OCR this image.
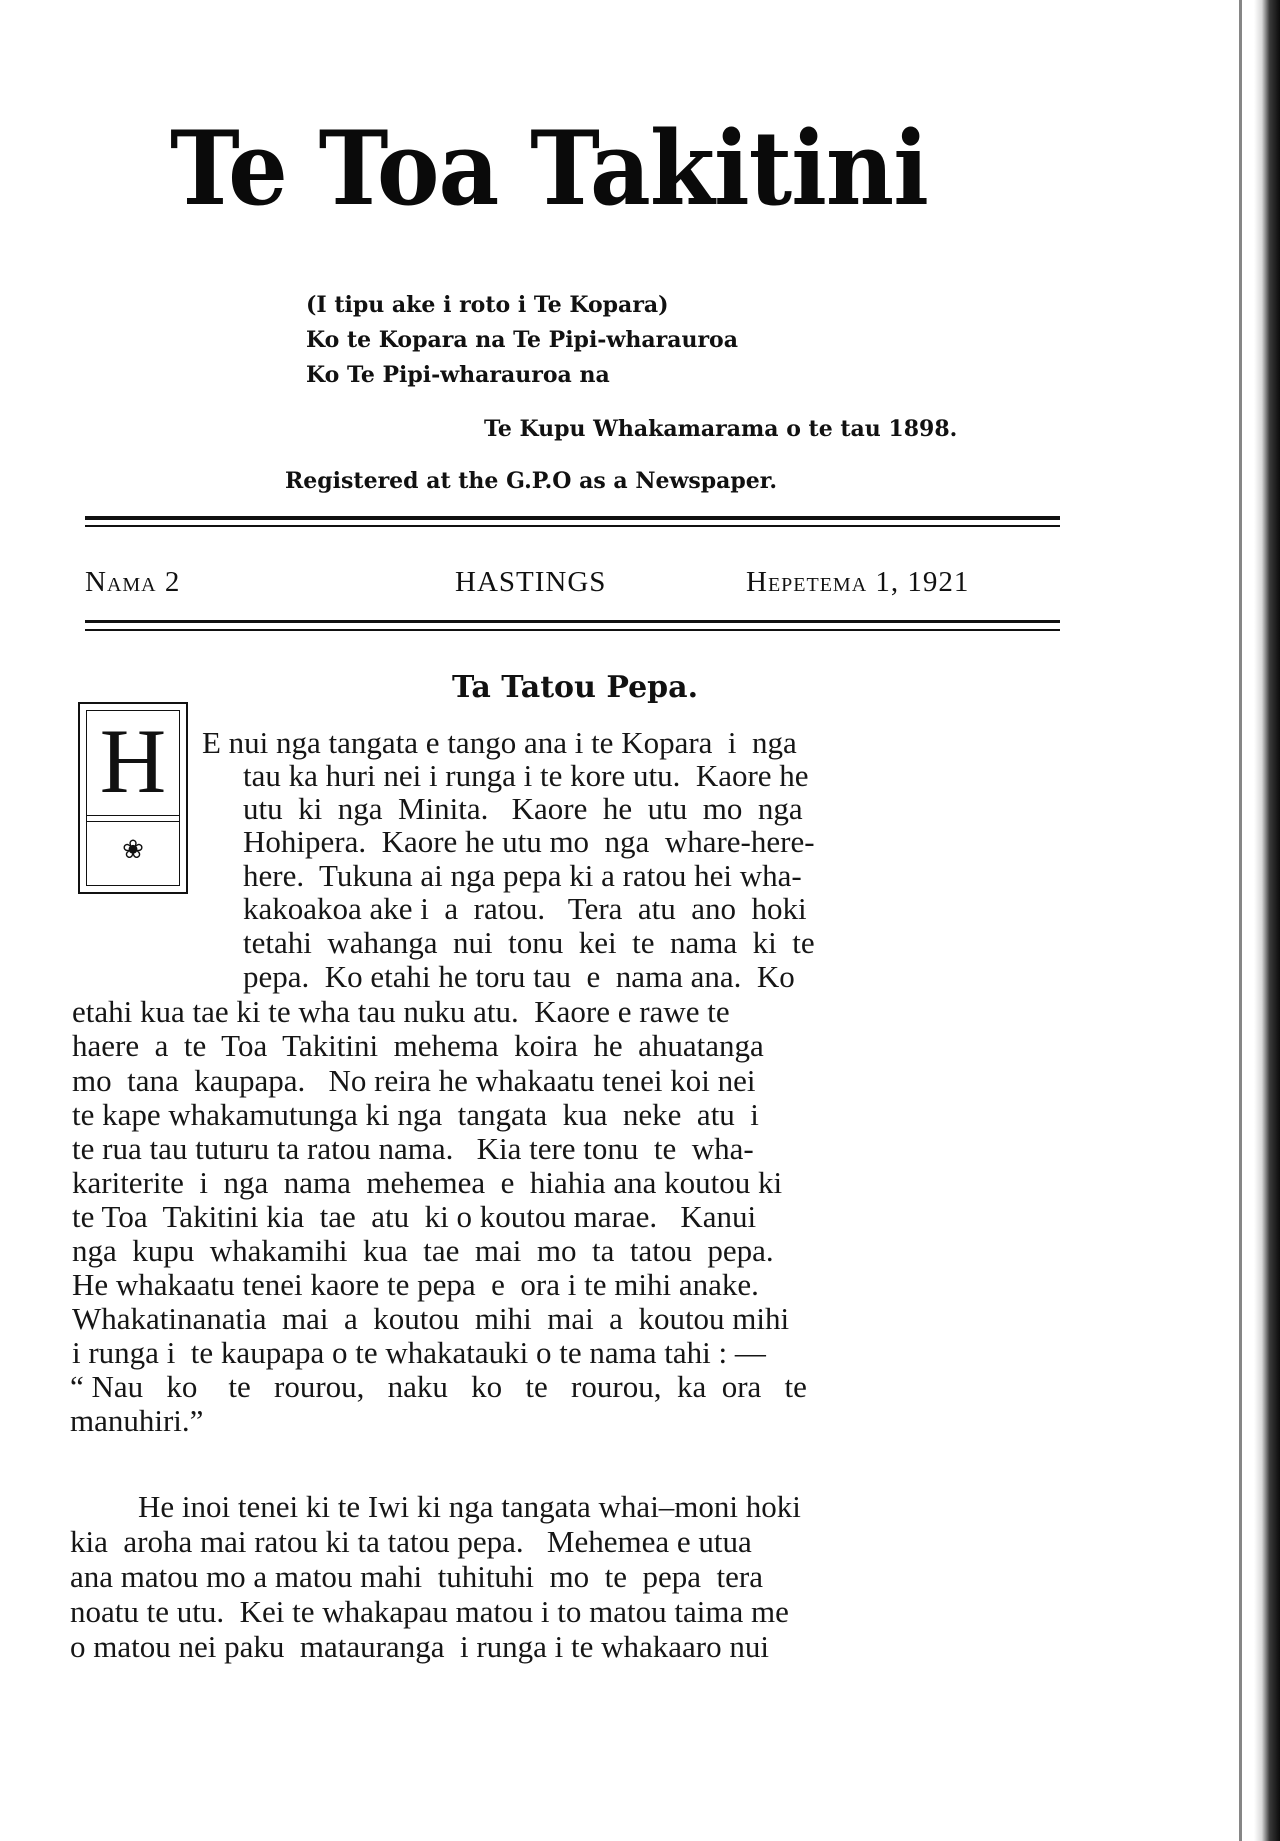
Te Toa Takitini
(I tipu ake i roto i Te Kopara)
Ko te Kopara na Te Pipi-wharauroa
Ko Te Pipi-wharauroa na
Te Kupu Whakamarama o te tau 1898.
Registered at the G.P.O as a Newspaper.
Nama 2	HASTINGS	Hepetema 1, 1921
Ta Tatou Pepa.
H
❀
E nui nga tangata e tango ana i te Kopara  i  nga
tau ka huri nei i runga i te kore utu.  Kaore he
utu  ki  nga  Minita.   Kaore  he  utu  mo  nga
Hohipera.  Kaore he utu mo  nga  whare-here-
here.  Tukuna ai nga pepa ki a ratou hei wha-
kakoakoa ake i  a  ratou.   Tera  atu  ano  hoki
tetahi  wahanga  nui  tonu  kei  te  nama  ki  te
pepa.  Ko etahi he toru tau  e  nama ana.  Ko
etahi kua tae ki te wha tau nuku atu.  Kaore e rawe te
haere  a  te  Toa  Takitini  mehema  koira  he  ahuatanga
mo  tana  kaupapa.   No reira he whakaatu tenei koi nei
te kape whakamutunga ki nga  tangata  kua  neke  atu  i
te rua tau tuturu ta ratou nama.   Kia tere tonu  te  wha-
kariterite  i  nga  nama  mehemea  e  hiahia ana koutou ki
te Toa  Takitini kia  tae  atu  ki o koutou marae.   Kanui
nga  kupu  whakamihi  kua  tae  mai  mo  ta  tatou  pepa.
He whakaatu tenei kaore te pepa  e  ora i te mihi anake.
Whakatinanatia  mai  a  koutou  mihi  mai  a  koutou mihi
i runga i  te kaupapa o te whakatauki o te nama tahi : —
“ Nau   ko    te   rourou,   naku   ko   te   rourou,  ka  ora   te
manuhiri.”
He inoi tenei ki te Iwi ki nga tangata whai–moni hoki
kia  aroha mai ratou ki ta tatou pepa.   Mehemea e utua
ana matou mo a matou mahi  tuhituhi  mo  te  pepa  tera
noatu te utu.  Kei te whakapau matou i to matou taima me
o matou nei paku  matauranga  i runga i te whakaaro nui
